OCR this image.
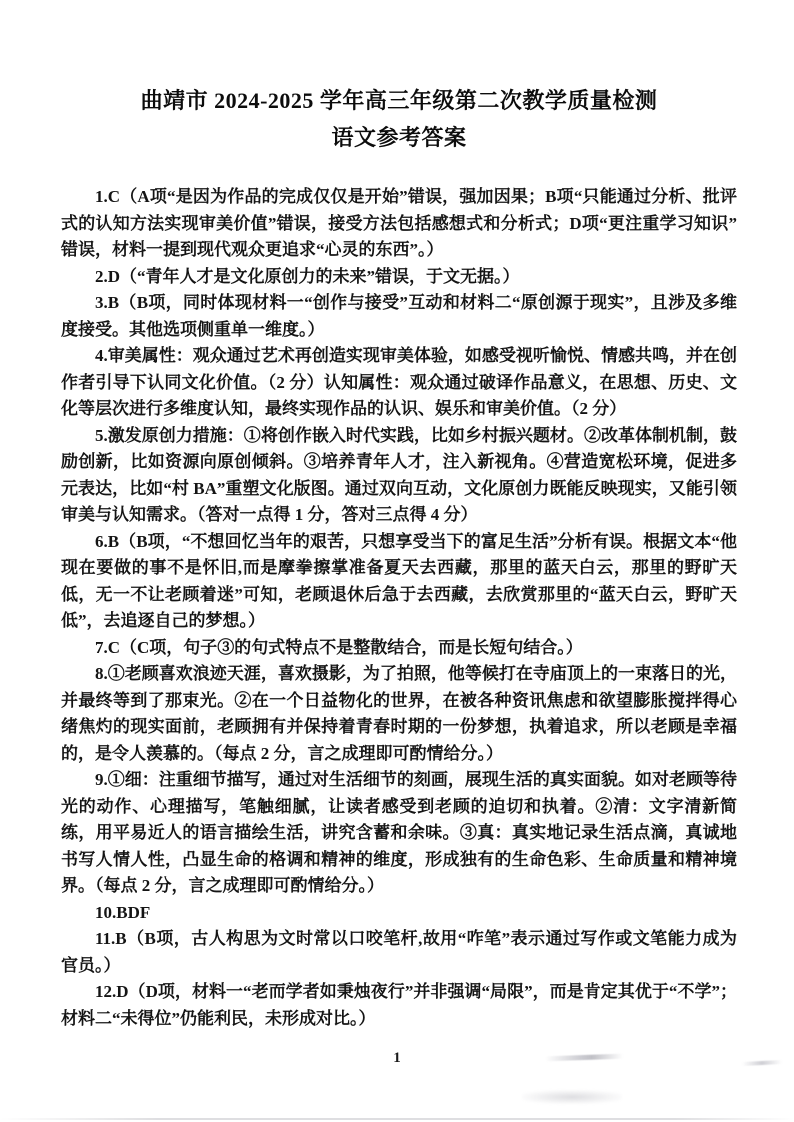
曲靖市 2024-2025 学年高三年级第二次教学质量检测
语文参考答案

1.C（A项“是因为作品的完成仅仅是开始”错误，强加因果；B项“只能通过分析、批评式的认知方法实现审美价值”错误，接受方法包括感想式和分析式；D项“更注重学习知识”错误，材料一提到现代观众更追求“心灵的东西”。）

2.D（“青年人才是文化原创力的未来”错误，于文无据。）

3.B（B项，同时体现材料一“创作与接受”互动和材料二“原创源于现实”，且涉及多维度接受。其他选项侧重单一维度。）

4.审美属性：观众通过艺术再创造实现审美体验，如感受视听愉悦、情感共鸣，并在创作者引导下认同文化价值。（2 分）认知属性：观众通过破译作品意义，在思想、历史、文化等层次进行多维度认知，最终实现作品的认识、娱乐和审美价值。（2 分）

5.激发原创力措施：①将创作嵌入时代实践，比如乡村振兴题材。②改革体制机制，鼓励创新，比如资源向原创倾斜。③培养青年人才，注入新视角。④营造宽松环境，促进多元表达，比如“村 BA”重塑文化版图。通过双向互动，文化原创力既能反映现实，又能引领审美与认知需求。（答对一点得 1 分，答对三点得 4 分）

6.B（B项，“不想回忆当年的艰苦，只想享受当下的富足生活”分析有误。根据文本“他现在要做的事不是怀旧,而是摩拳擦掌准备夏天去西藏，那里的蓝天白云，那里的野旷天低，无一不让老顾着迷”可知，老顾退休后急于去西藏，去欣赏那里的“蓝天白云，野旷天低”，去追逐自己的梦想。）

7.C（C项，句子③的句式特点不是整散结合，而是长短句结合。）

8.①老顾喜欢浪迹天涯，喜欢摄影，为了拍照，他等候打在寺庙顶上的一束落日的光，并最终等到了那束光。②在一个日益物化的世界，在被各种资讯焦虑和欲望膨胀搅拌得心绪焦灼的现实面前，老顾拥有并保持着青春时期的一份梦想，执着追求，所以老顾是幸福的，是令人羡慕的。（每点 2 分，言之成理即可酌情给分。）

9.①细：注重细节描写，通过对生活细节的刻画，展现生活的真实面貌。如对老顾等待光的动作、心理描写，笔触细腻，让读者感受到老顾的迫切和执着。②清：文字清新简练，用平易近人的语言描绘生活，讲究含蓄和余味。③真：真实地记录生活点滴，真诚地书写人情人性，凸显生命的格调和精神的维度，形成独有的生命色彩、生命质量和精神境界。（每点 2 分，言之成理即可酌情给分。）

10.BDF

11.B（B项，古人构思为文时常以口咬笔杆,故用“咋笔”表示通过写作或文笔能力成为官员。）

12.D（D项，材料一“老而学者如秉烛夜行”并非强调“局限”，而是肯定其优于“不学”；材料二“未得位”仍能利民，未形成对比。）

1
